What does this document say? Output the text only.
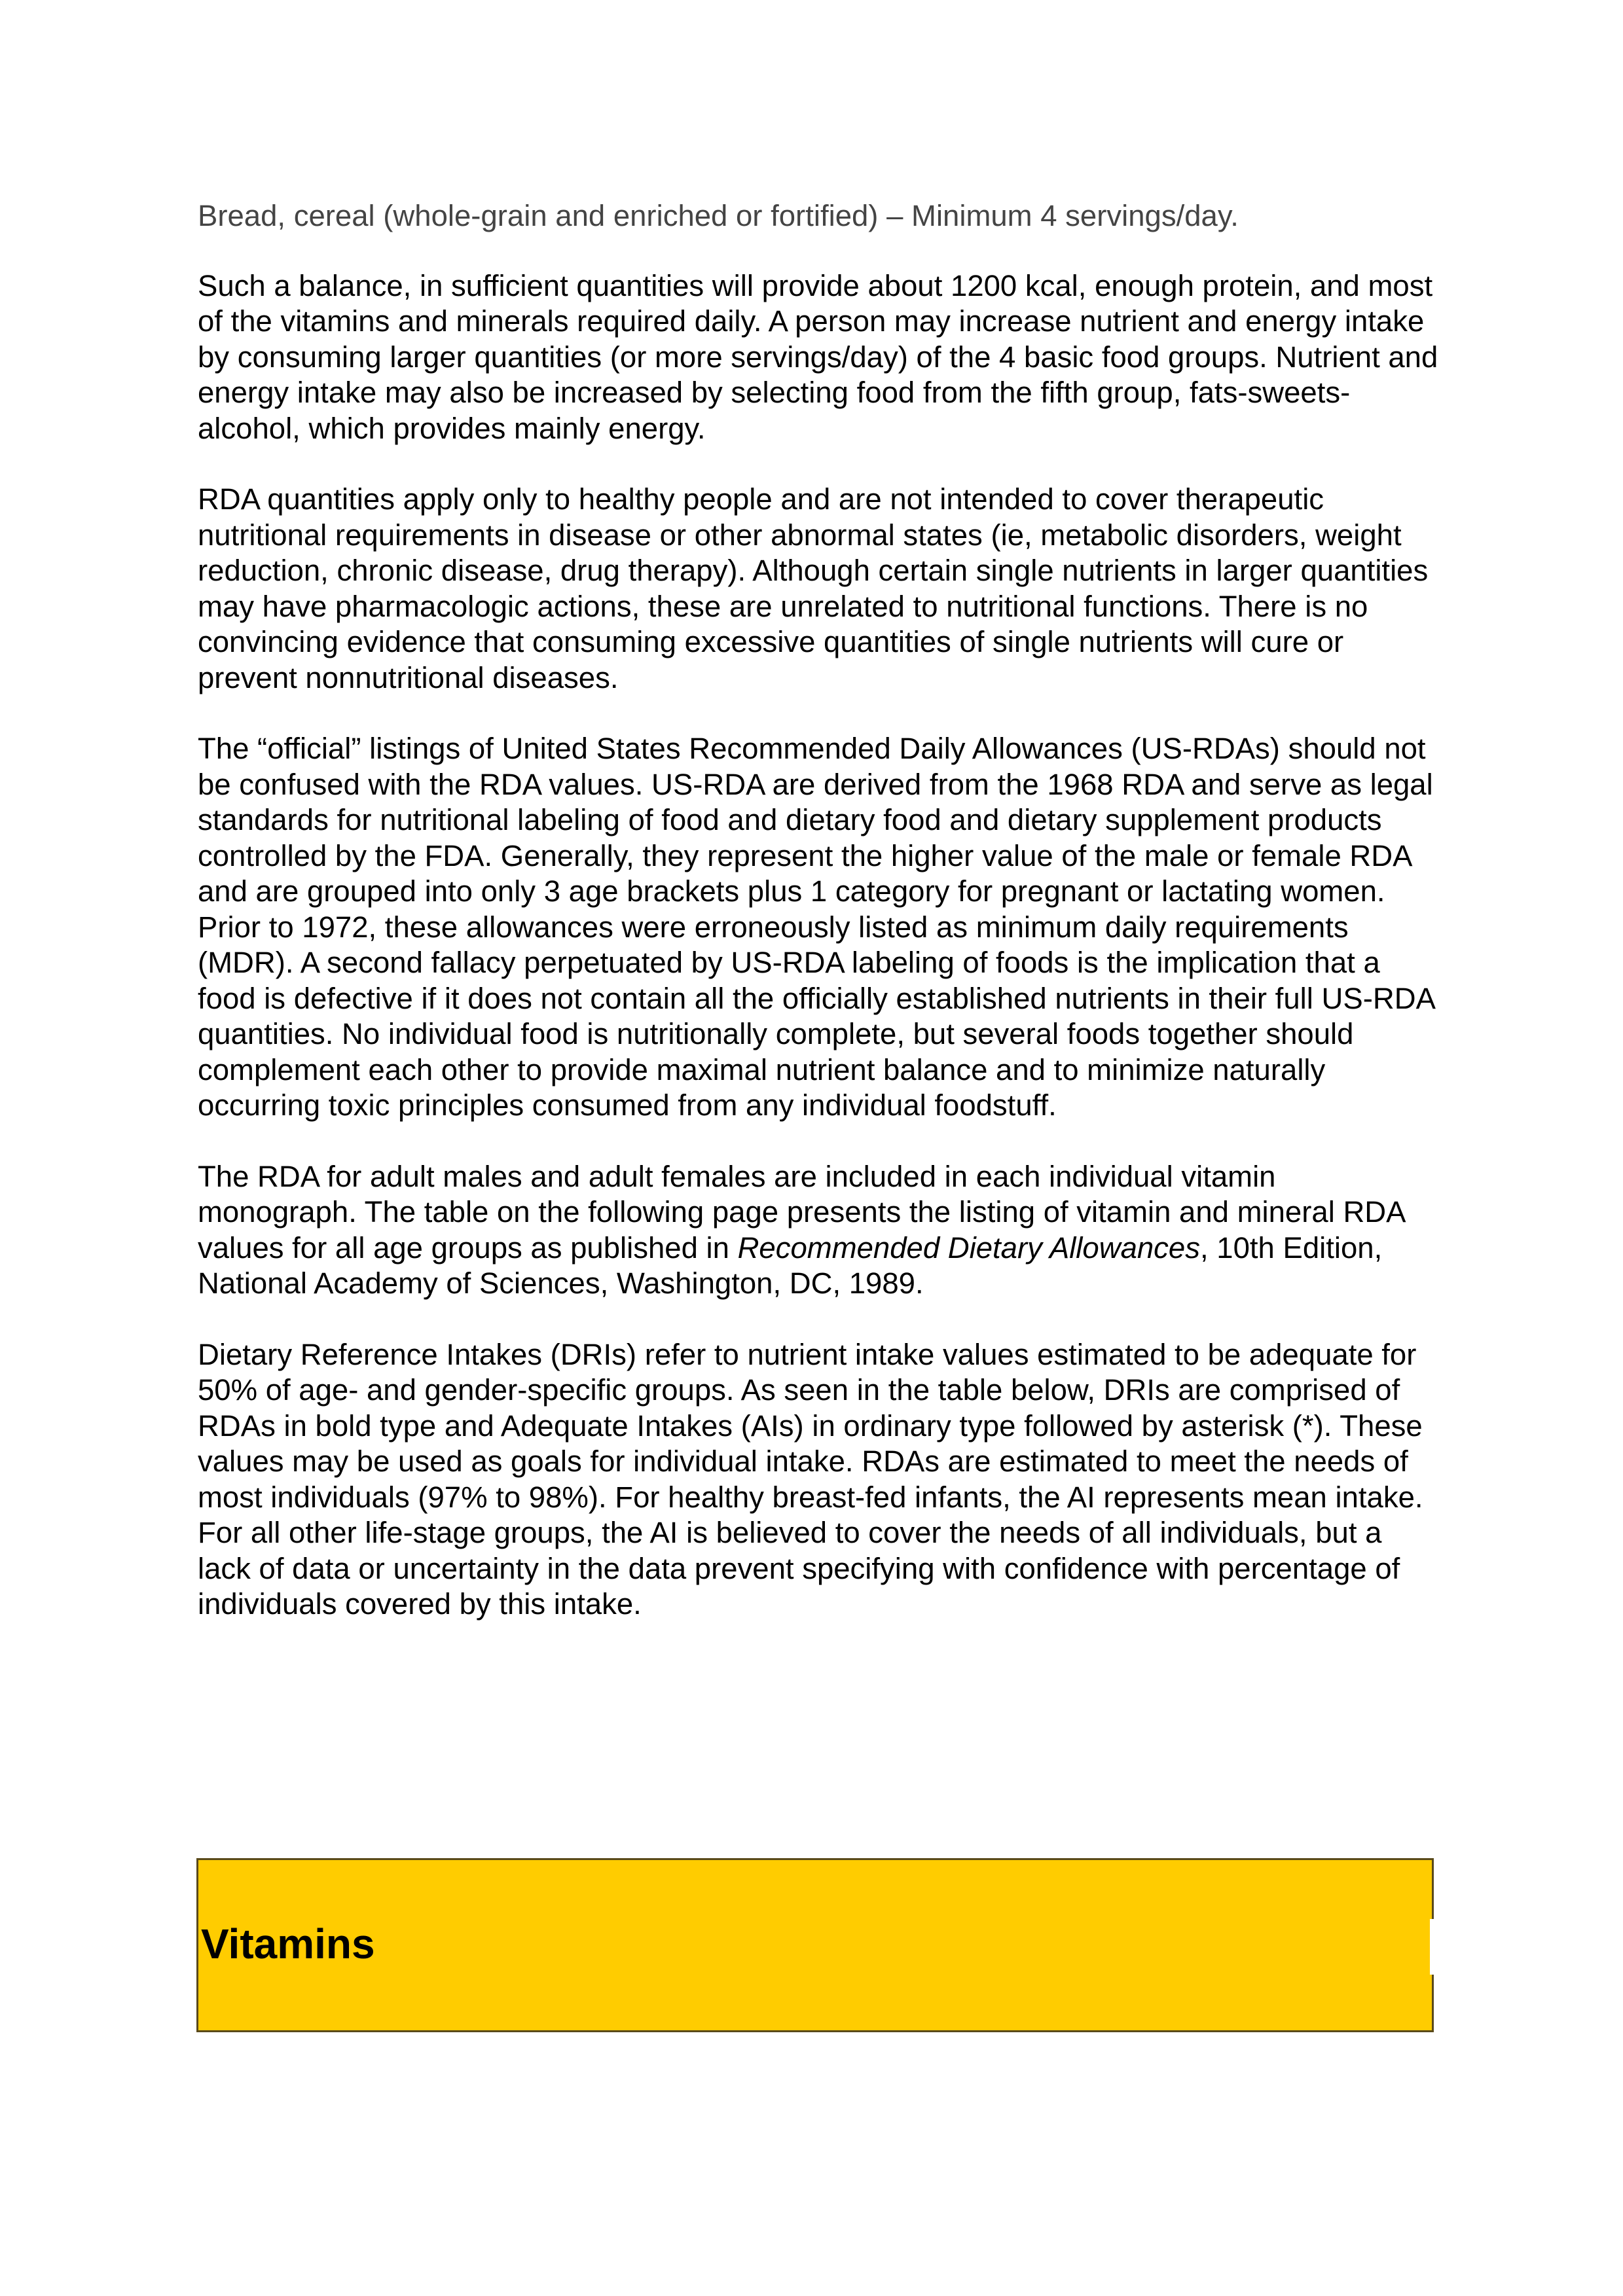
Bread, cereal (whole-grain and enriched or fortified) – Minimum 4 servings/day.

Such a balance, in sufficient quantities will provide about 1200 kcal, enough protein, and most of the vitamins and minerals required daily. A person may increase nutrient and energy intake by consuming larger quantities (or more servings/day) of the 4 basic food groups. Nutrient and energy intake may also be increased by selecting food from the fifth group, fats-sweets-alcohol, which provides mainly energy.

RDA quantities apply only to healthy people and are not intended to cover therapeutic nutritional requirements in disease or other abnormal states (ie, metabolic disorders, weight reduction, chronic disease, drug therapy). Although certain single nutrients in larger quantities may have pharmacologic actions, these are unrelated to nutritional functions. There is no convincing evidence that consuming excessive quantities of single nutrients will cure or prevent nonnutritional diseases.

The “official” listings of United States Recommended Daily Allowances (US-RDAs) should not be confused with the RDA values. US-RDA are derived from the 1968 RDA and serve as legal standards for nutritional labeling of food and dietary food and dietary supplement products controlled by the FDA. Generally, they represent the higher value of the male or female RDA and are grouped into only 3 age brackets plus 1 category for pregnant or lactating women. Prior to 1972, these allowances were erroneously listed as minimum daily requirements (MDR). A second fallacy perpetuated by US-RDA labeling of foods is the implication that a food is defective if it does not contain all the officially established nutrients in their full US-RDA quantities. No individual food is nutritionally complete, but several foods together should complement each other to provide maximal nutrient balance and to minimize naturally occurring toxic principles consumed from any individual foodstuff.

The RDA for adult males and adult females are included in each individual vitamin monograph. The table on the following page presents the listing of vitamin and mineral RDA values for all age groups as published in Recommended Dietary Allowances, 10th Edition, National Academy of Sciences, Washington, DC, 1989.

Dietary Reference Intakes (DRIs) refer to nutrient intake values estimated to be adequate for 50% of age- and gender-specific groups. As seen in the table below, DRIs are comprised of RDAs in bold type and Adequate Intakes (AIs) in ordinary type followed by asterisk (*). These values may be used as goals for individual intake. RDAs are estimated to meet the needs of most individuals (97% to 98%). For healthy breast-fed infants, the AI represents mean intake. For all other life-stage groups, the AI is believed to cover the needs of all individuals, but a lack of data or uncertainty in the data prevent specifying with confidence with percentage of individuals covered by this intake.

Vitamins
